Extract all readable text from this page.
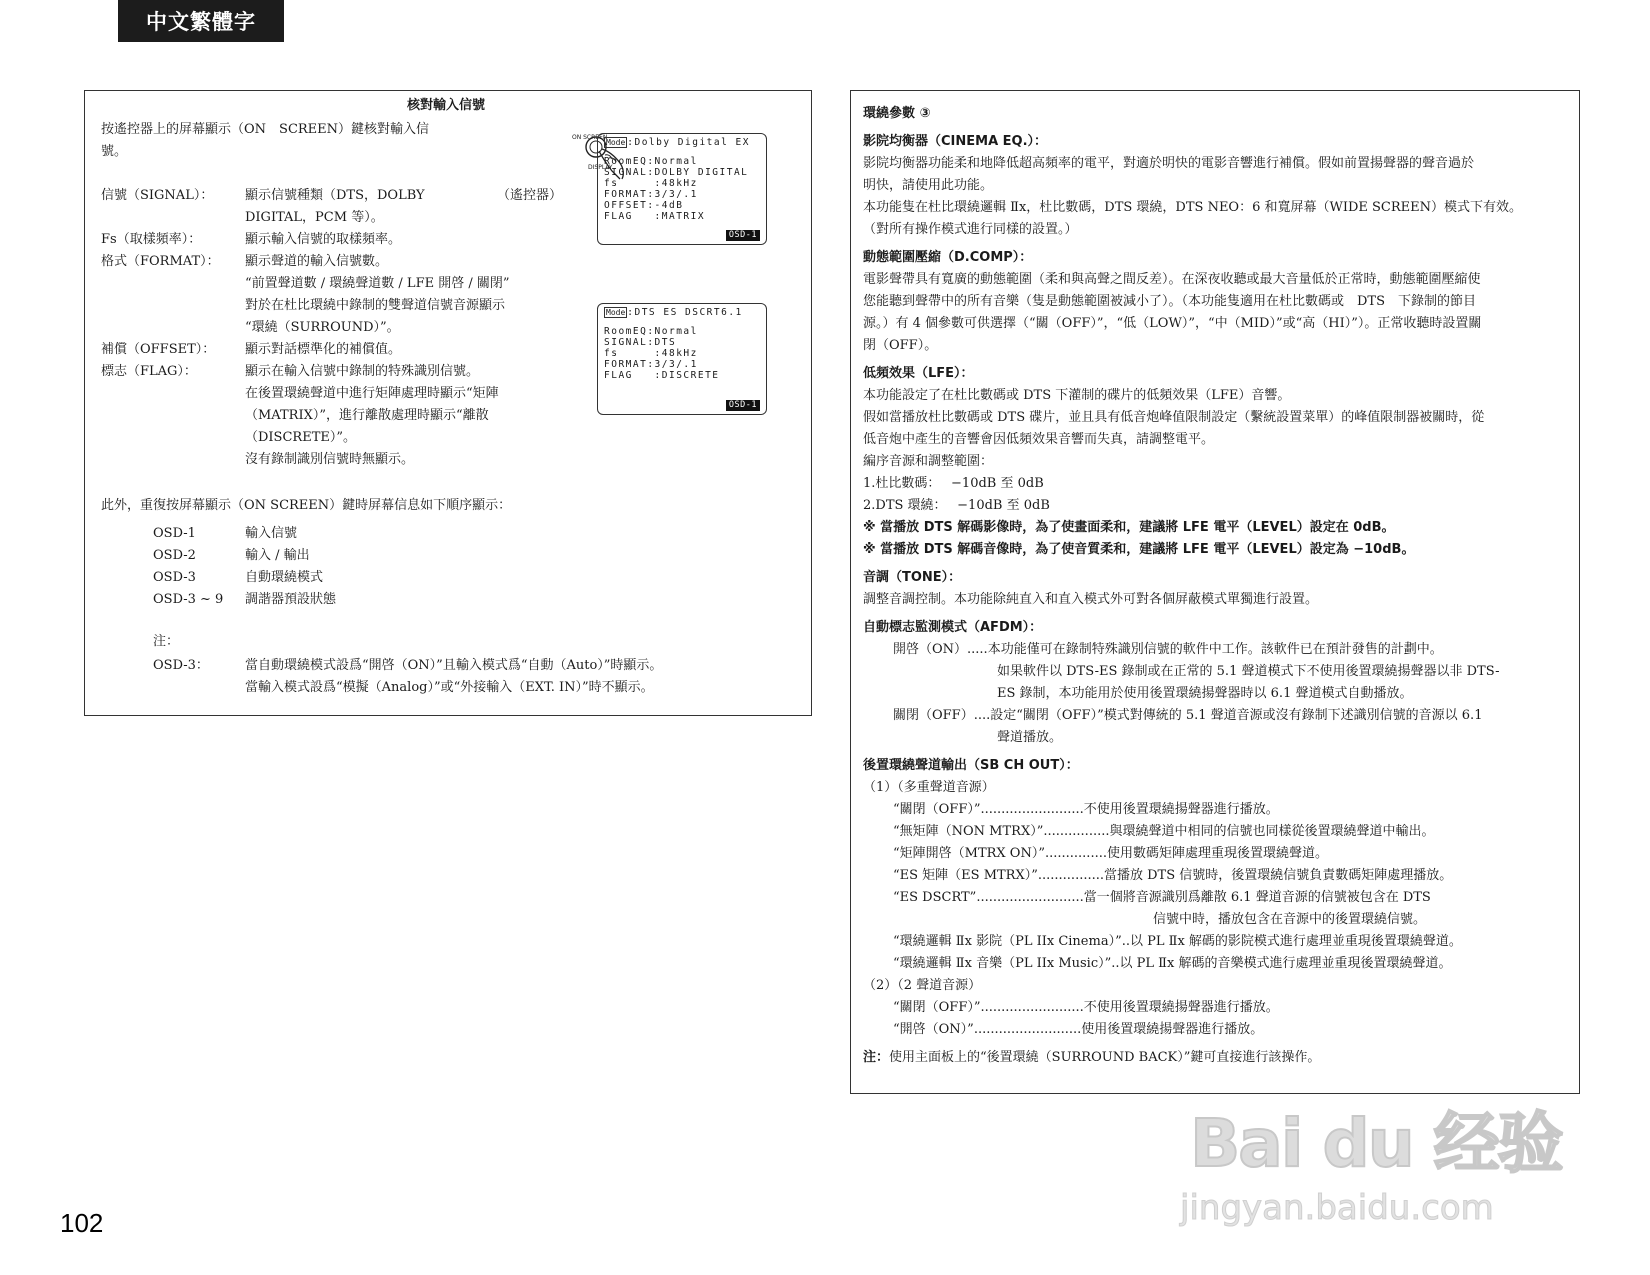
中文繁體字
核對輸入信號
按遙控器上的屏幕顯示（ON　SCREEN）鍵核對輸入信
號。
ON SCREEN
DISPLAY
信號（SIGNAL）： 顯示信號種類（DTS，DOLBY	（遙控器）
DIGITAL，PCM 等）。
Fs（取樣頻率）：	顯示輸入信號的取樣頻率。
格式（FORMAT）： 顯示聲道的輸入信號數。
“前置聲道數 / 環繞聲道數 / LFE 開啓 / 關閉”
對於在杜比環繞中錄制的雙聲道信號音源顯示
“環繞（SURROUND）”。
補償（OFFSET）： 顯示對話標準化的補償值。
標志（FLAG）：	顯示在輸入信號中錄制的特殊識別信號。
在後置環繞聲道中進行矩陣處理時顯示“矩陣
（MATRIX）”，進行離散處理時顯示“離散
（DISCRETE）”。
沒有錄制識別信號時無顯示。
Mode :Dolby Digital EX
RoomEQ:Normal
SIGNAL:DOLBY DIGITAL
fs     :48kHz
FORMAT:3/3/.1
OFFSET:-4dB
FLAG   :MATRIX
OSD-1
Mode :DTS ES DSCRT6.1
RoomEQ:Normal
SIGNAL:DTS
fs     :48kHz
FORMAT:3/3/.1
FLAG   :DISCRETE
OSD-1
此外，重復按屏幕顯示（ON SCREEN）鍵時屏幕信息如下順序顯示：
OSD-1	輸入信號
OSD-2	輸入 / 輸出
OSD-3	自動環繞模式
OSD-3 ~ 9 調諧器預設狀態
注：
OSD-3：	當自動環繞模式設爲“開啓（ON）”且輸入模式爲“自動（Auto）”時顯示。
當輸入模式設爲“模擬（Analog）”或“外接輸入（EXT. IN）”時不顯示。
環繞參數 ③
影院均衡器（CINEMA EQ.）：
影院均衡器功能柔和地降低超高頻率的電平，對適於明快的電影音響進行補償。假如前置揚聲器的聲音過於
明快，請使用此功能。
本功能隻在杜比環繞邏輯 Ⅱx，杜比數碼，DTS 環繞，DTS NEO：6 和寬屏幕（WIDE SCREEN）模式下有效。
（對所有操作模式進行同樣的設置。）
動態範圍壓縮（D.COMP）：
電影聲帶具有寬廣的動態範圍（柔和與高聲之間反差）。在深夜收聽或最大音量低於正常時，動態範圍壓縮使
您能聽到聲帶中的所有音樂（隻是動態範圍被減小了）。（本功能隻適用在杜比數碼或　DTS　下錄制的節目
源。）有 4 個參數可供選擇（“關（OFF）”，“低（LOW）”，“中（MID）”或“高（HI）”）。正常收聽時設置關
閉（OFF）。
低頻效果（LFE）：
本功能設定了在杜比數碼或 DTS 下灌制的碟片的低頻效果（LFE）音響。
假如當播放杜比數碼或 DTS 碟片，並且具有低音炮峰值限制設定（繫統設置菜單）的峰值限制器被關時，從
低音炮中產生的音響會因低頻效果音響而失真，請調整電平。
編序音源和調整範圍：
1.杜比數碼：　 −10dB 至 0dB
2.DTS 環繞：　 −10dB 至 0dB
※ 當播放 DTS 解碼影像時，為了使畫面柔和，建議將 LFE 電平（LEVEL）設定在 0dB。
※ 當播放 DTS 解碼音像時，為了使音質柔和，建議將 LFE 電平（LEVEL）設定為 −10dB。
音調（TONE）：
調整音調控制。本功能除純直入和直入模式外可對各個屏蔽模式單獨進行設置。
自動標志監測模式（AFDM）：
開啓（ON）.....本功能僅可在錄制特殊識別信號的軟件中工作。該軟件已在預計發售的計劃中。
如果軟件以 DTS-ES 錄制或在正常的 5.1 聲道模式下不使用後置環繞揚聲器以非 DTS-
ES 錄制，本功能用於使用後置環繞揚聲器時以 6.1 聲道模式自動播放。
關閉（OFF）....設定“關閉（OFF）”模式對傳統的 5.1 聲道音源或沒有錄制下述識別信號的音源以 6.1
聲道播放。
後置環繞聲道輸出（SB CH OUT）：
（1）（多重聲道音源）
“關閉（OFF）”.........................不使用後置環繞揚聲器進行播放。
“無矩陣（NON MTRX）”................與環繞聲道中相同的信號也同樣從後置環繞聲道中輸出。
“矩陣開啓（MTRX ON）”...............使用數碼矩陣處理重現後置環繞聲道。
“ES 矩陣（ES MTRX）”................當播放 DTS 信號時，後置環繞信號負責數碼矩陣處理播放。
“ES DSCRT”..........................當一個將音源識別爲離散 6.1 聲道音源的信號被包含在 DTS
信號中時，播放包含在音源中的後置環繞信號。
“環繞邏輯 Ⅱx 影院（PL IIx Cinema）”..以 PL Ⅱx 解碼的影院模式進行處理並重現後置環繞聲道。
“環繞邏輯 Ⅱx 音樂（PL IIx Music）”..以 PL Ⅱx 解碼的音樂模式進行處理並重現後置環繞聲道。
（2）（2 聲道音源）
“關閉（OFF）”.........................不使用後置環繞揚聲器進行播放。
“開啓（ON）”..........................使用後置環繞揚聲器進行播放。
注：使用主面板上的“後置環繞（SURROUND BACK）”鍵可直接進行該操作。
102
Bai du 经验
jingyan.baidu.com
